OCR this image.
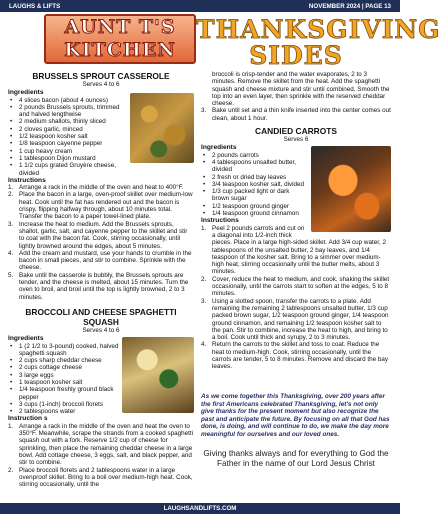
LAUGHS & LIFTS	NOVEMBER 2024 | PAGE 13
AUNT T'S
KITCHEN
THANKSGIVING
SIDES
BRUSSELS SPROUT CASSEROLE
Serves 4 to 6
Ingredients
• 4 slices bacon (about 4 ounces)
• 2 pounds Brussels sprouts, trimmed and halved lengthwise
• 2 medium shallots, thinly sliced
• 2 cloves garlic, minced
• 1/2 teaspoon kosher salt
• 1/8 teaspoon cayenne pepper
• 1 cup heavy cream
• 1 tablespoon Dijon mustard
• 1 1/2 cups grated Gruyère cheese, divided
Instructions
1. Arrange a rack in the middle of the oven and heat to 400°F.
2. Place the bacon in a large, oven-proof skillet over medium-low heat. Cook until the fat has rendered out and the bacon is crispy, flipping halfway through, about 10 minutes total. Transfer the bacon to a paper towel-lined plate.
3. Increase the heat to medium. Add the Brussels sprouts, shallot, garlic, salt, and cayenne pepper to the skillet and stir to coat with the bacon fat. Cook, stirring occasionally, until lightly browned around the edges, about 5 minutes.
4. Add the cream and mustard, use your hands to crumble in the bacon in small pieces, and stir to combine. Sprinkle with the cheese.
5. Bake until the casserole is bubbly, the Brussels sprouts are tender, and the cheese is melted, about 15 minutes. Turn the oven to broil, and broil until the top is lightly browned, 2 to 3 minutes.
BROCCOLI AND CHEESE SPAGHETTI SQUASH
Serves 4 to 6
Ingredients
• 1 (2 1/2 to 3-pound) cooked, halved spaghetti squash
• 2 cups sharp cheddar cheese
• 2 cups cottage cheese
• 3 large eggs
• 1 teaspoon kosher salt
• 1/4 teaspoon freshly ground black pepper
• 3 cups (1-inch) broccoli florets
• 2 tablespoons water
Instruction s
1. Arrange a rack in the middle of the oven and heat the oven to 350°F. Meanwhile, scrape the strands from a cooked spaghetti squash out with a fork. Reserve 1/2 cup of cheese for sprinkling, then place the remaining cheddar cheese in a large bowl. Add cottage cheese, 3 eggs, salt, and black pepper, and stir to combine.
2. Place broccoli florets and 2 tablespoons water in a large ovenproof skillet. Bring to a boil over medium-high heat. Cook, stirring occasionally, until the
broccoli is crisp-tender and the water evaporates, 2 to 3 minutes. Remove the skillet from the heat. Add the spaghetti squash and cheese mixture and stir until combined. Smooth the top into an even layer, then sprinkle with the reserved cheddar cheese.
3. Bake until set and a thin knife inserted into the center comes out clean, about 1 hour.
CANDIED CARROTS
Serves 6
Ingredients
• 2 pounds carrots
• 4 tablespoons unsalted butter, divided
• 2 fresh or dried bay leaves
• 3/4 teaspoon kosher salt, divided
• 1/3 cup packed light or dark brown sugar
• 1/2 teaspoon ground ginger
• 1/4 teaspoon ground cinnamon
Instructions
1. Peel 2 pounds carrots and cut on a diagonal into 1/2-inch thick pieces. Place in a large high-sided skillet. Add 3/4 cup water, 2 tablespoons of the unsalted butter, 2 bay leaves, and 1/4 teaspoon of the kosher salt. Bring to a simmer over medium-high heat, stirring occasionally until the butter melts, about 3 minutes.
2. Cover, reduce the heat to medium, and cook, shaking the skillet occasionally, until the carrots start to soften at the edges, 5 to 8 minutes.
3. Using a slotted spoon, transfer the carrots to a plate. Add remaining the remaining 2 tablespoons unsalted butter, 1/3 cup packed brown sugar, 1/2 teaspoon ground ginger, 1/4 teaspoon ground cinnamon, and remaining 1/2 teaspoon kosher salt to the pan. Stir to combine, increase the heat to high, and bring to a boil. Cook until thick and syrupy, 2 to 3 minutes.
4. Return the carrots to the skillet and toss to coat. Reduce the heat to medium-high. Cook, stirring occasionally, until the carrots are tender, 5 to 8 minutes. Remove and discard the bay leaves.
As we come together this Thanksgiving, over 200 years after the first Americans celebrated Thanksgiving, let's not only give thanks for the present moment but also recognize the past and anticipate the future. By focusing on all that God has done, is doing, and will continue to do, we make the day more meaningful for ourselves and our loved ones.
Giving thanks always and for everything to God the Father in the name of our Lord Jesus Christ
LAUGHSANDLIFTS.COM
